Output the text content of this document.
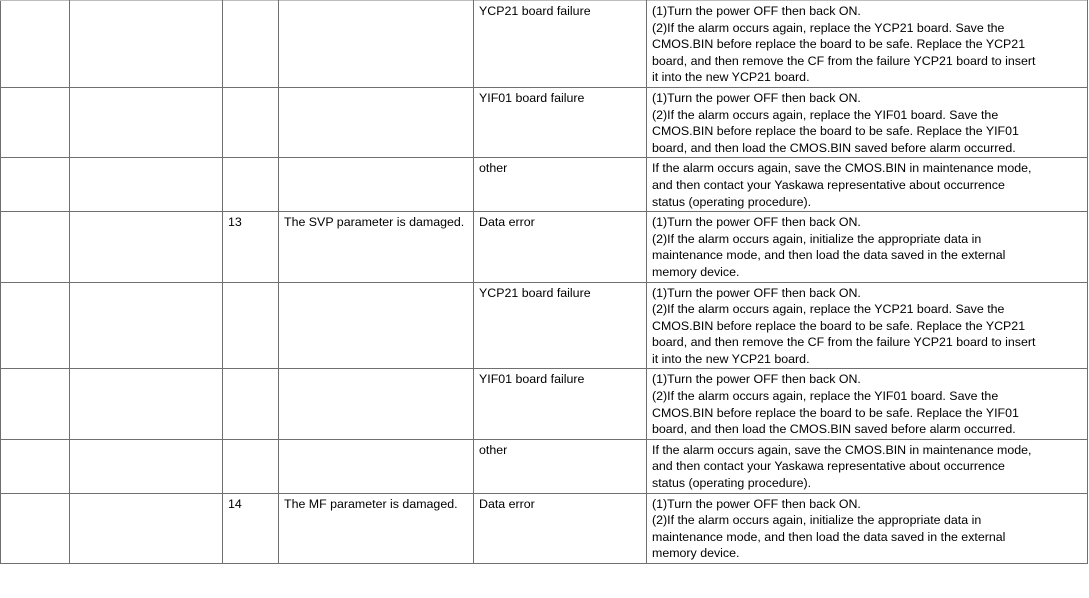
				YCP21 board failure	(1)Turn the power OFF then back ON.
(2)If the alarm occurs again, replace the YCP21 board. Save the
CMOS.BIN before replace the board to be safe. Replace the YCP21
board, and then remove the CF from the failure YCP21 board to insert
it into the new YCP21 board.

				YIF01 board failure	(1)Turn the power OFF then back ON.
(2)If the alarm occurs again, replace the YIF01 board. Save the
CMOS.BIN before replace the board to be safe. Replace the YIF01
board, and then load the CMOS.BIN saved before alarm occurred.

				other	If the alarm occurs again, save the CMOS.BIN in maintenance mode,
and then contact your Yaskawa representative about occurrence
status (operating procedure).

		13	The SVP parameter is damaged.	Data error	(1)Turn the power OFF then back ON.
(2)If the alarm occurs again, initialize the appropriate data in
maintenance mode, and then load the data saved in the external
memory device.

				YCP21 board failure	(1)Turn the power OFF then back ON.
(2)If the alarm occurs again, replace the YCP21 board. Save the
CMOS.BIN before replace the board to be safe. Replace the YCP21
board, and then remove the CF from the failure YCP21 board to insert
it into the new YCP21 board.

				YIF01 board failure	(1)Turn the power OFF then back ON.
(2)If the alarm occurs again, replace the YIF01 board. Save the
CMOS.BIN before replace the board to be safe. Replace the YIF01
board, and then load the CMOS.BIN saved before alarm occurred.

				other	If the alarm occurs again, save the CMOS.BIN in maintenance mode,
and then contact your Yaskawa representative about occurrence
status (operating procedure).

		14	The MF parameter is damaged.	Data error	(1)Turn the power OFF then back ON.
(2)If the alarm occurs again, initialize the appropriate data in
maintenance mode, and then load the data saved in the external
memory device.
